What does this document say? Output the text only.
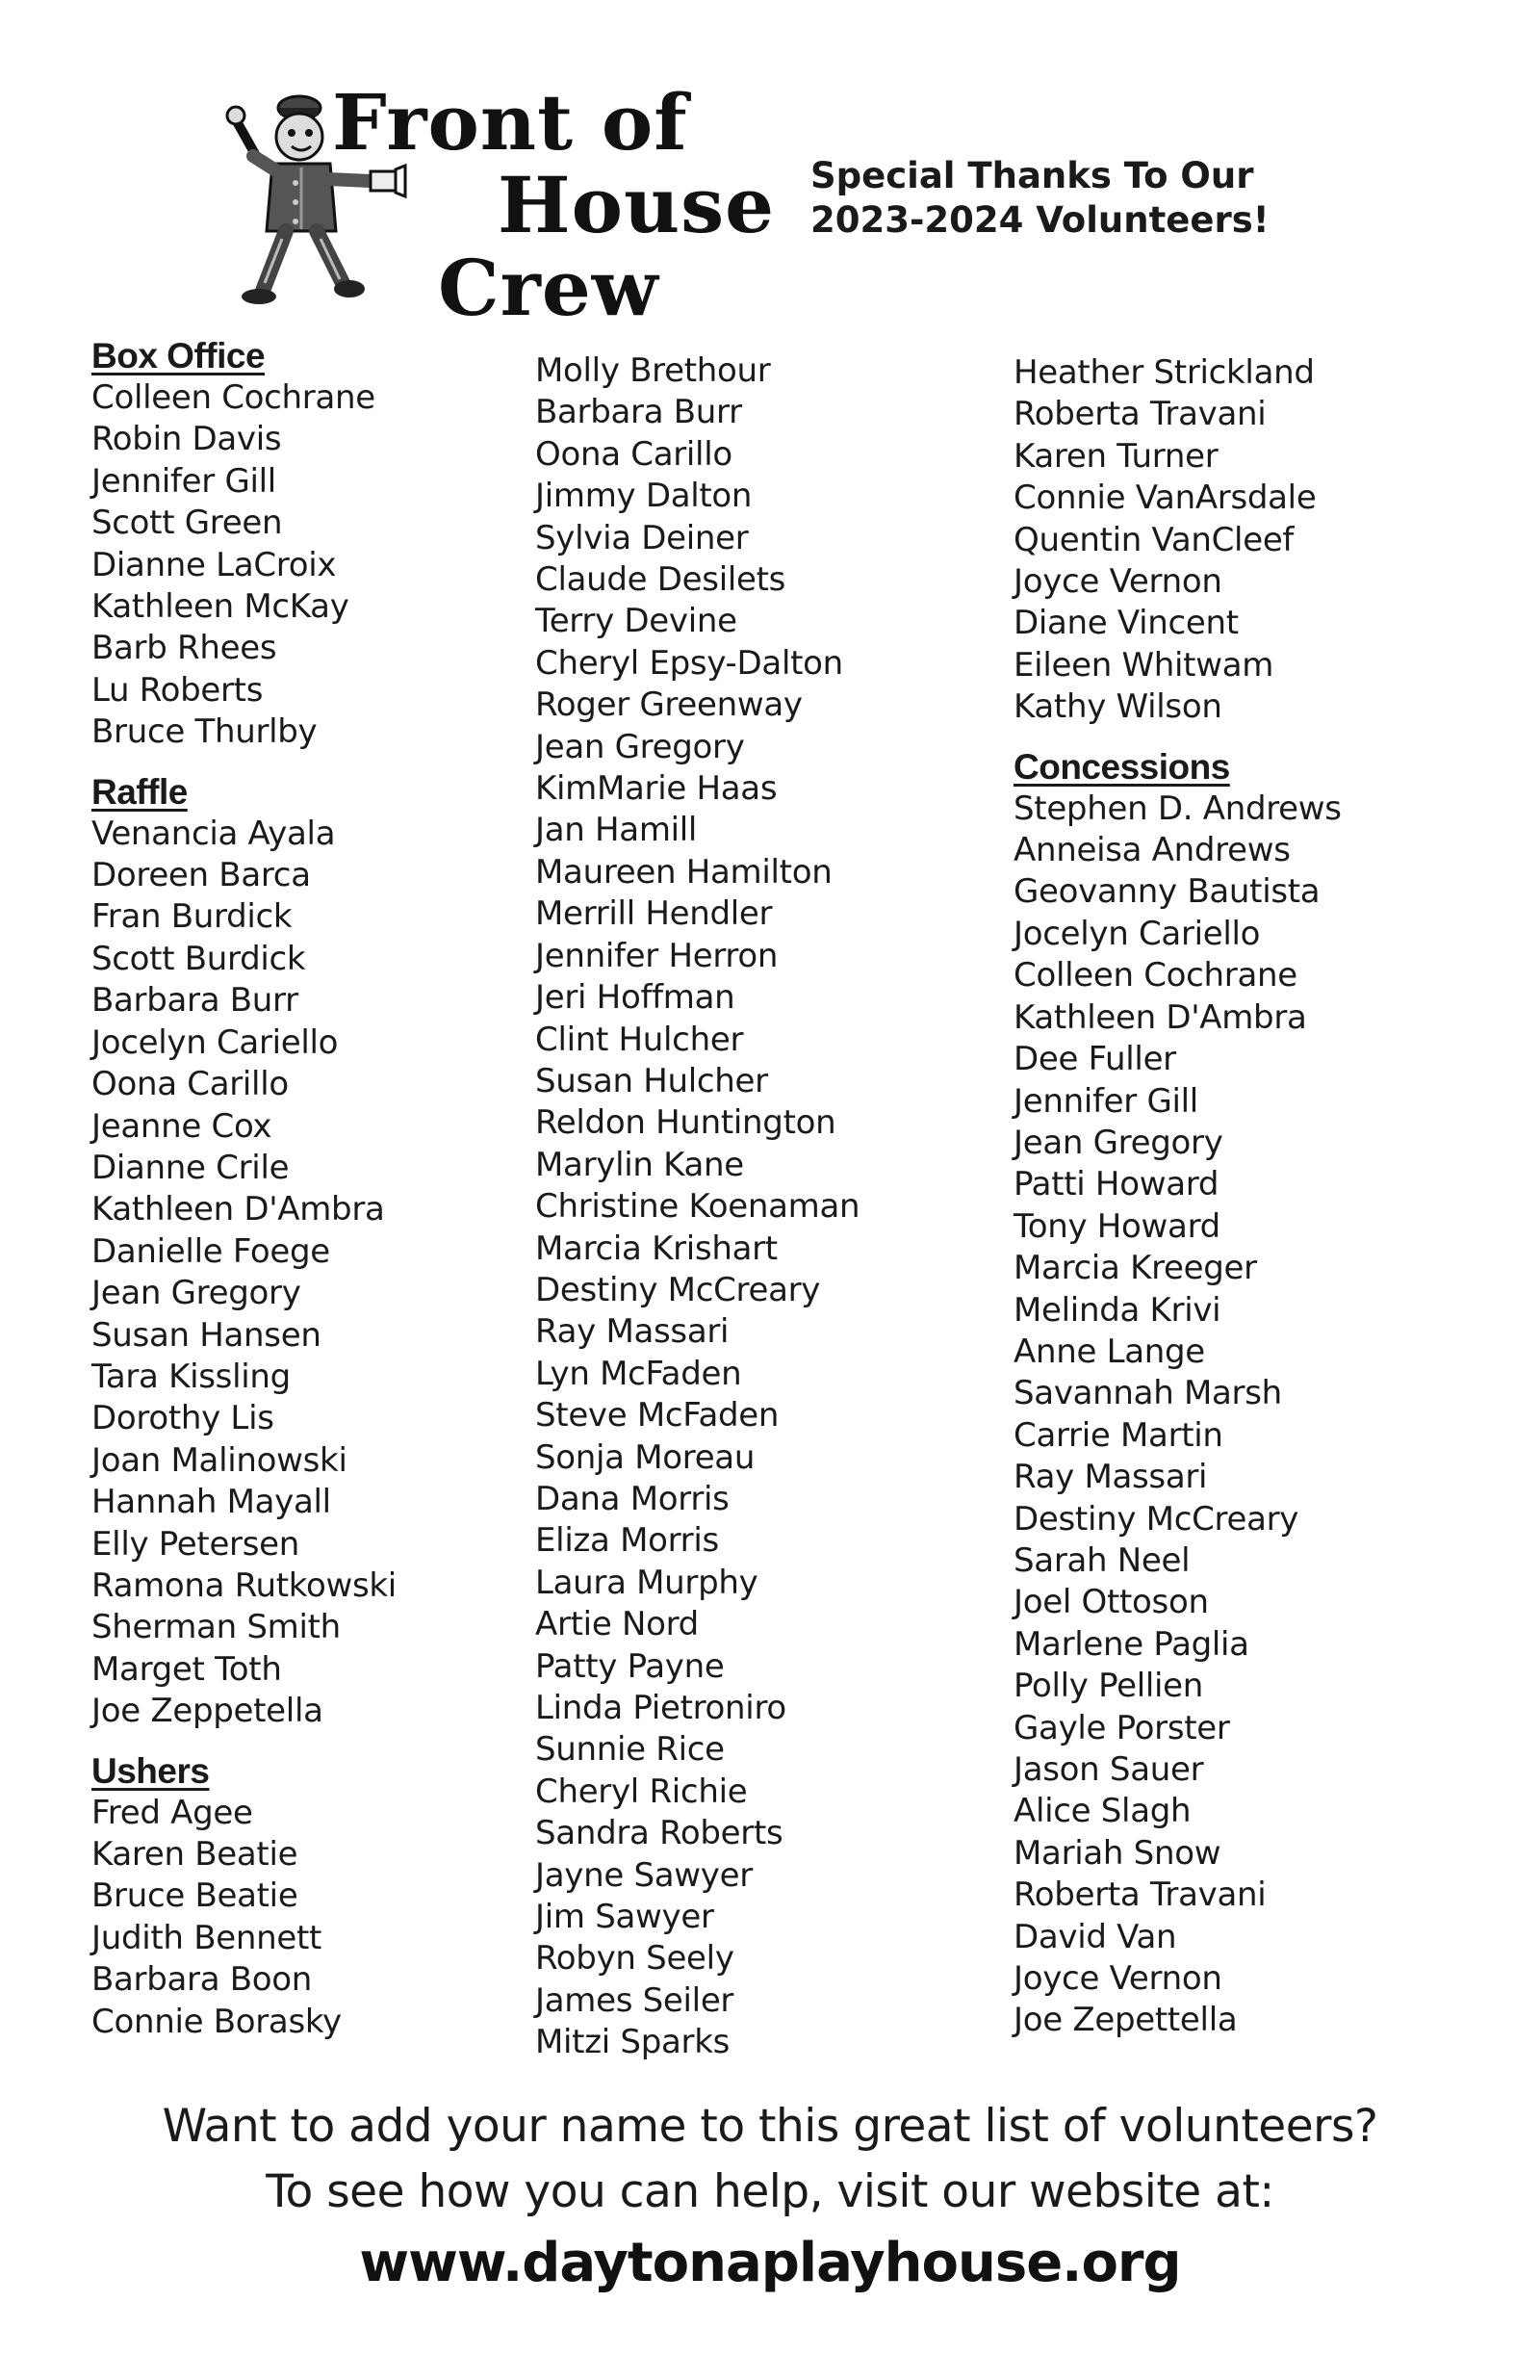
Front of
House
Crew
Special Thanks To Our
2023-2024 Volunteers!
Box Office
Colleen Cochrane
Robin Davis
Jennifer Gill
Scott Green
Dianne LaCroix
Kathleen McKay
Barb Rhees
Lu Roberts
Bruce Thurlby
Raffle
Venancia Ayala
Doreen Barca
Fran Burdick
Scott Burdick
Barbara Burr
Jocelyn Cariello
Oona Carillo
Jeanne Cox
Dianne Crile
Kathleen D'Ambra
Danielle Foege
Jean Gregory
Susan Hansen
Tara Kissling
Dorothy Lis
Joan Malinowski
Hannah Mayall
Elly Petersen
Ramona Rutkowski
Sherman Smith
Marget Toth
Joe Zeppetella
Ushers
Fred Agee
Karen Beatie
Bruce Beatie
Judith Bennett
Barbara Boon
Connie Borasky
Molly Brethour
Barbara Burr
Oona Carillo
Jimmy Dalton
Sylvia Deiner
Claude Desilets
Terry Devine
Cheryl Epsy-Dalton
Roger Greenway
Jean Gregory
KimMarie Haas
Jan Hamill
Maureen Hamilton
Merrill Hendler
Jennifer Herron
Jeri Hoffman
Clint Hulcher
Susan Hulcher
Reldon Huntington
Marylin Kane
Christine Koenaman
Marcia Krishart
Destiny McCreary
Ray Massari
Lyn McFaden
Steve McFaden
Sonja Moreau
Dana Morris
Eliza Morris
Laura Murphy
Artie Nord
Patty Payne
Linda Pietroniro
Sunnie Rice
Cheryl Richie
Sandra Roberts
Jayne Sawyer
Jim Sawyer
Robyn Seely
James Seiler
Mitzi Sparks
Heather Strickland
Roberta Travani
Karen Turner
Connie VanArsdale
Quentin VanCleef
Joyce Vernon
Diane Vincent
Eileen Whitwam
Kathy Wilson
Concessions
Stephen D. Andrews
Anneisa Andrews
Geovanny Bautista
Jocelyn Cariello
Colleen Cochrane
Kathleen D'Ambra
Dee Fuller
Jennifer Gill
Jean Gregory
Patti Howard
Tony Howard
Marcia Kreeger
Melinda Krivi
Anne Lange
Savannah Marsh
Carrie Martin
Ray Massari
Destiny McCreary
Sarah Neel
Joel Ottoson
Marlene Paglia
Polly Pellien
Gayle Porster
Jason Sauer
Alice Slagh
Mariah Snow
Roberta Travani
David Van
Joyce Vernon
Joe Zepettella
Want to add your name to this great list of volunteers?
To see how you can help, visit our website at:
www.daytonaplayhouse.org
